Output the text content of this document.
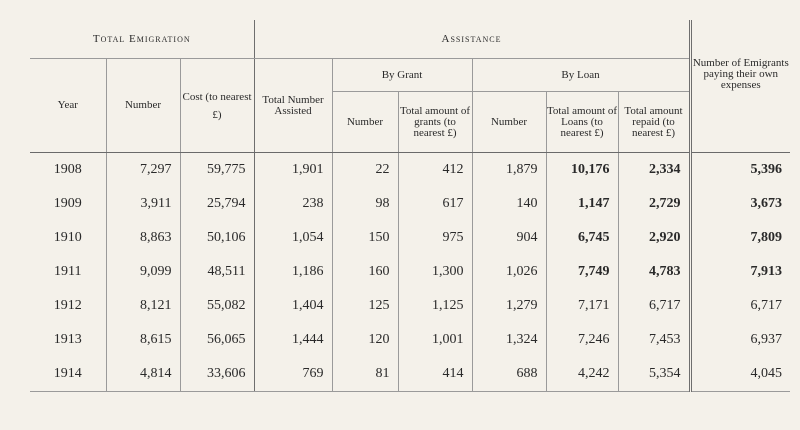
Total Emigration			Assistance						Number of Emigrants paying their own expenses
Year	Number	Cost (to nearest £)	Total Number Assisted	By Grant		By Loan			
				Number	Total amount of grants (to nearest £)	Number	Total amount of Loans (to nearest £)	Total amount repaid (to nearest £)	
1908	7,297	59,775	1,901	22	412	1,879	10,176	2,334	5,396
1909	3,911	25,794	238	98	617	140	1,147	2,729	3,673
1910	8,863	50,106	1,054	150	975	904	6,745	2,920	7,809
1911	9,099	48,511	1,186	160	1,300	1,026	7,749	4,783	7,913
1912	8,121	55,082	1,404	125	1,125	1,279	7,171	6,717	6,717
1913	8,615	56,065	1,444	120	1,001	1,324	7,246	7,453	6,937
1914	4,814	33,606	769	81	414	688	4,242	5,354	4,045
